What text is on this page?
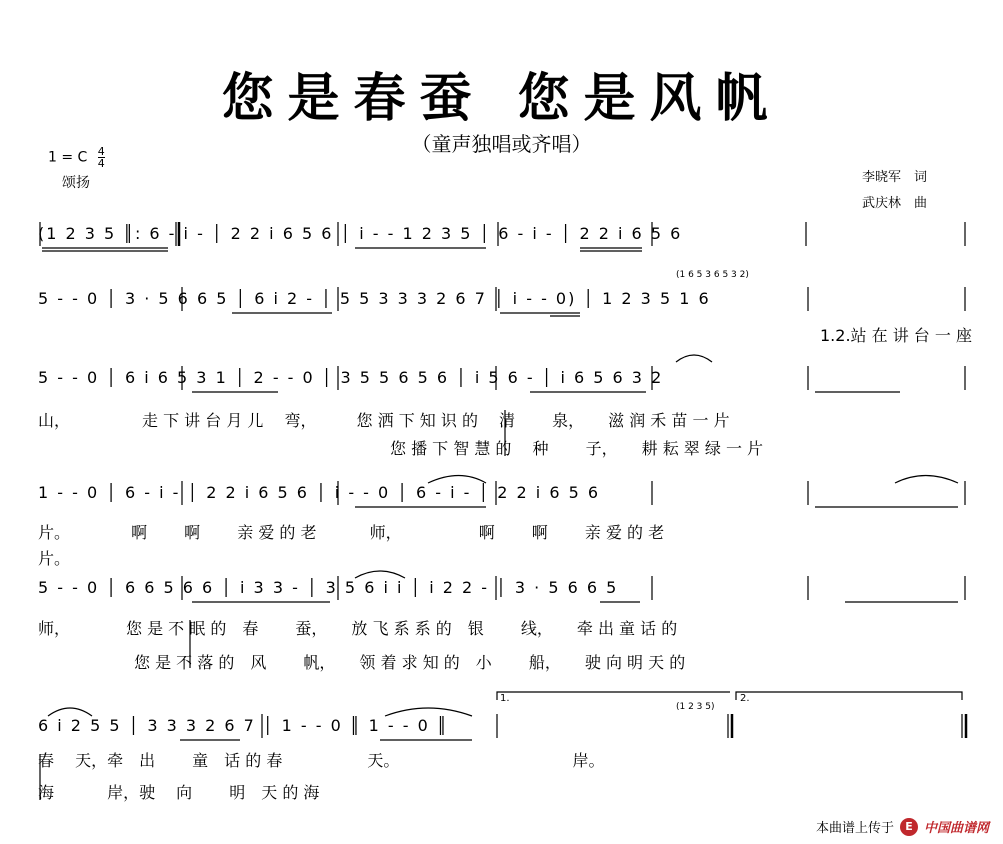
您是春蚕 您是风帆
（童声独唱或齐唱）
1 = C $\frac{4}{4}$
颂扬	李晓军　词
武庆林　曲
(1 2 3 5 ║: 6 - i - │ 2 2 i 6 5 6 │ i - - 1 2 3 5 │ 6 - i - │ 2 2 i 6 5 6
5 - - 0 │ 3 · 5 6 6 5 │ 6 i 2 - │ 5 5 3 3 3 2 6 7 │ i - - 0) │ 1 2 3 5 1 6
(1 6 5 3 6 5 3 2)
1.2.站 在 讲 台 一 座
5 - - 0 │ 6 i 6 5 3 1 │ 2 - - 0 │ 3 5 5 6 5 6 │ i 5 6 - │ i 6 5 6 3 2
山，　　　　　走 下 讲 台 月 儿　 弯，　　　您 洒 下 知 识 的　 清　　 泉，　　滋 润 禾 苗 一 片
　　　　　　　　　　　　　　　　　　　　　　您 播 下 智 慧 的　 种　　 子，　　耕 耘 翠 绿 一 片
1 - - 0 │ 6 - i - │ 2 2 i 6 5 6 │ i - - 0 │ 6 - i - │ 2 2 i 6 5 6
片。　　　　 啊　　 啊　　 亲 爱 的 老　　　 师，　　　　　 啊　　 啊　　 亲 爱 的 老
片。
5 - - 0 │ 6 6 5 6 6 │ i 3 3 - │ 3 5 6 i i │ i 2 2 - │ 3 · 5 6 6 5
师，　　　　您 是 不 眠 的　春　　 蚕，　　放 飞 系 系 的　银　　 线，　　牵 出 童 话 的
　　　　　　您 是 不 落 的　风　　 帆，　　领 着 求 知 的　小　　 船，　　驶 向 明 天 的
6 i 2 5 5 │ 3 3 3 2 6 7 │ 1 - - 0 ║ 1 - - 0 ║
(1 2 3 5)
1.	2.
春　 天，牵　出　　 童　话 的 春　　　　　 天。　　　　　　　　　　　 岸。
海　　　 岸，驶　 向　　 明　天 的 海
本曲谱上传于	E 中国曲谱网
